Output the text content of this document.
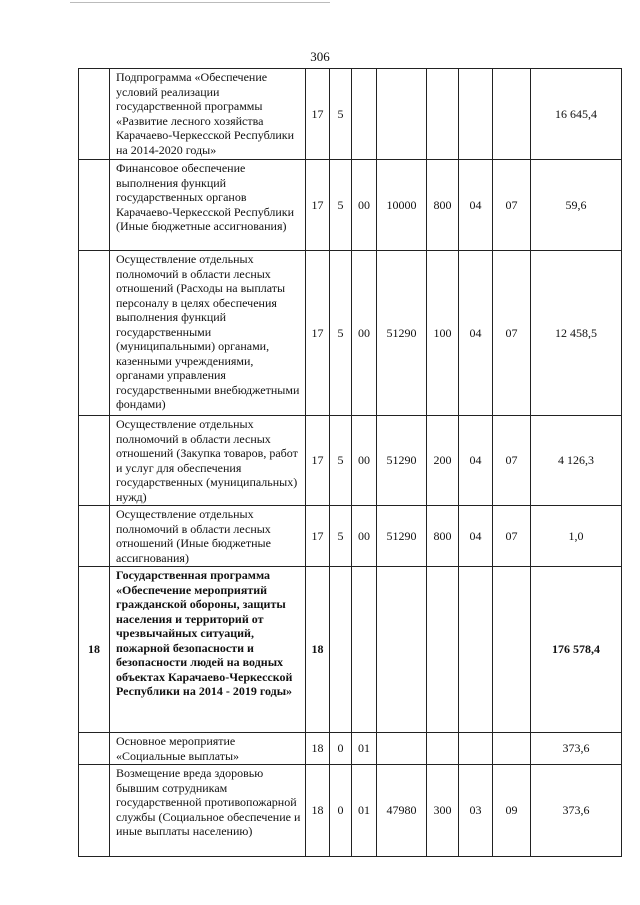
306
	Подпрограмма «Обеспечение условий реализации государственной программы «Развитие лесного хозяйства Карачаево-Черкесской Республики на 2014-2020 годы»	17	5						16 645,4
	Финансовое обеспечение выполнения функций государственных органов Карачаево-Черкесской Республики (Иные бюджетные ассигнования)	17	5	00	10000	800	04	07	59,6
	Осуществление отдельных полномочий в области лесных отношений (Расходы на выплаты персоналу в целях обеспечения выполнения функций государственными (муниципальными) органами, казенными учреждениями, органами управления государственными внебюджетными фондами)	17	5	00	51290	100	04	07	12 458,5
	Осуществление отдельных полномочий в области лесных отношений (Закупка товаров, работ и услуг для обеспечения государственных (муниципальных) нужд)	17	5	00	51290	200	04	07	4 126,3
	Осуществление отдельных полномочий в области лесных отношений (Иные бюджетные ассигнования)	17	5	00	51290	800	04	07	1,0
18	Государственная программа «Обеспечение мероприятий гражданской обороны, защиты населения и территорий от чрезвычайных ситуаций, пожарной безопасности и безопасности людей на водных объектах Карачаево-Черкесской Республики на 2014 - 2019 годы»	18							176 578,4
	Основное мероприятие «Социальные выплаты»	18	0	01					373,6
	Возмещение вреда здоровью бывшим сотрудникам государственной противопожарной службы (Социальное обеспечение и иные выплаты населению)	18	0	01	47980	300	03	09	373,6
